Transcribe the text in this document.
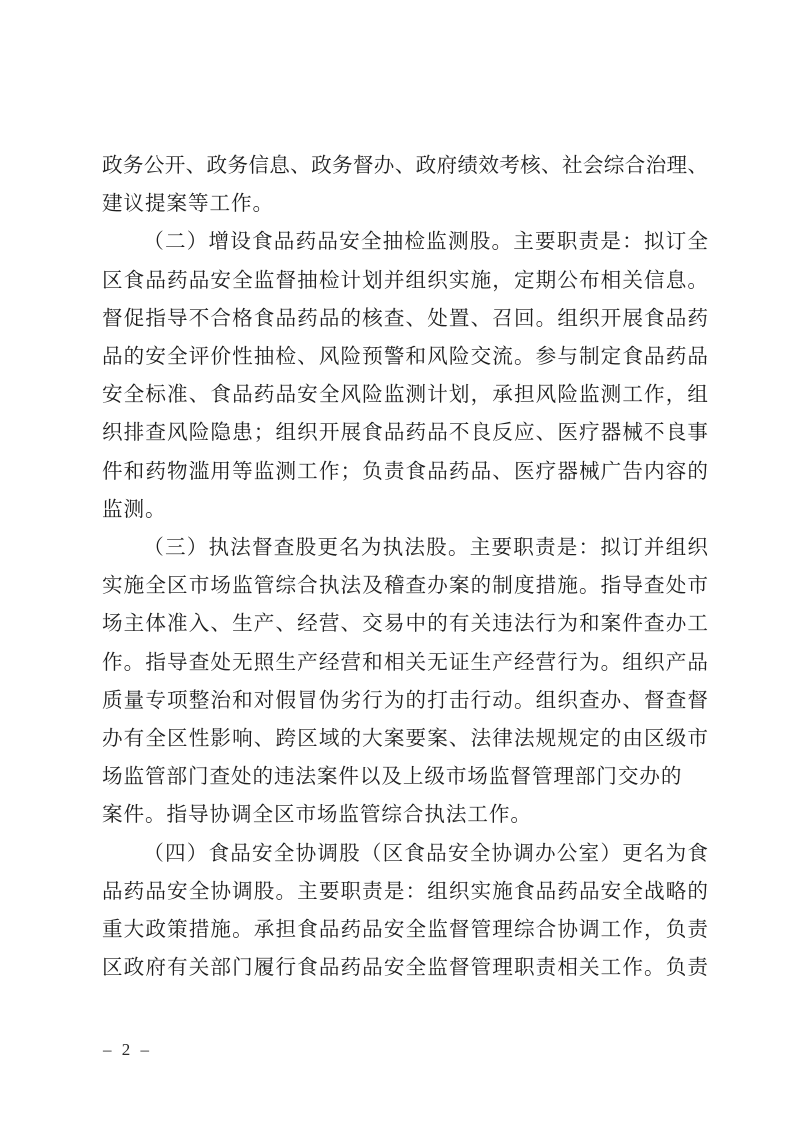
政务公开、政务信息、政务督办、政府绩效考核、社会综合治理、
建议提案等工作。
（二）增设食品药品安全抽检监测股。主要职责是：拟订全
区食品药品安全监督抽检计划并组织实施，定期公布相关信息。
督促指导不合格食品药品的核查、处置、召回。组织开展食品药
品的安全评价性抽检、风险预警和风险交流。参与制定食品药品
安全标准、食品药品安全风险监测计划，承担风险监测工作，组
织排查风险隐患；组织开展食品药品不良反应、医疗器械不良事
件和药物滥用等监测工作；负责食品药品、医疗器械广告内容的
监测。
（三）执法督查股更名为执法股。主要职责是：拟订并组织
实施全区市场监管综合执法及稽查办案的制度措施。指导查处市
场主体准入、生产、经营、交易中的有关违法行为和案件查办工
作。指导查处无照生产经营和相关无证生产经营行为。组织产品
质量专项整治和对假冒伪劣行为的打击行动。组织查办、督查督
办有全区性影响、跨区域的大案要案、法律法规规定的由区级市
场监管部门查处的违法案件以及上级市场监督管理部门交办的
案件。指导协调全区市场监管综合执法工作。
（四）食品安全协调股（区食品安全协调办公室）更名为食
品药品安全协调股。主要职责是：组织实施食品药品安全战略的
重大政策措施。承担食品药品安全监督管理综合协调工作，负责
区政府有关部门履行食品药品安全监督管理职责相关工作。负责
– 2 –
